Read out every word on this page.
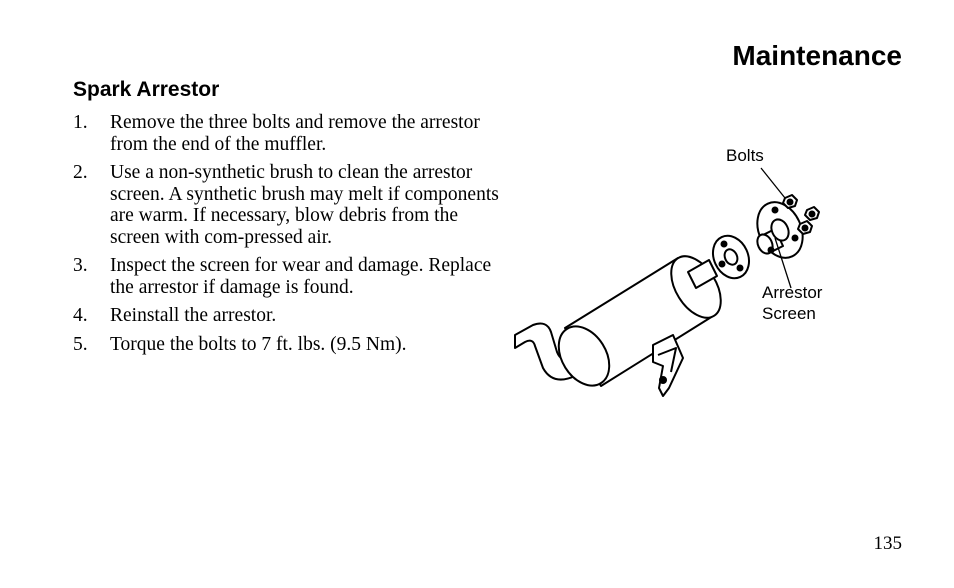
Maintenance
Spark Arrestor
1. Remove the three bolts and remove the arrestor from the end of the muffler.
2. Use a non-synthetic brush to clean the arrestor screen. A synthetic brush may melt if components are warm. If necessary, blow debris from the screen with com-pressed air.
3. Inspect the screen for wear and damage. Replace the arrestor if damage is found.
4. Reinstall the arrestor.
5. Torque the bolts to 7 ft. lbs. (9.5 Nm).
Bolts
Arrestor
Screen
135
